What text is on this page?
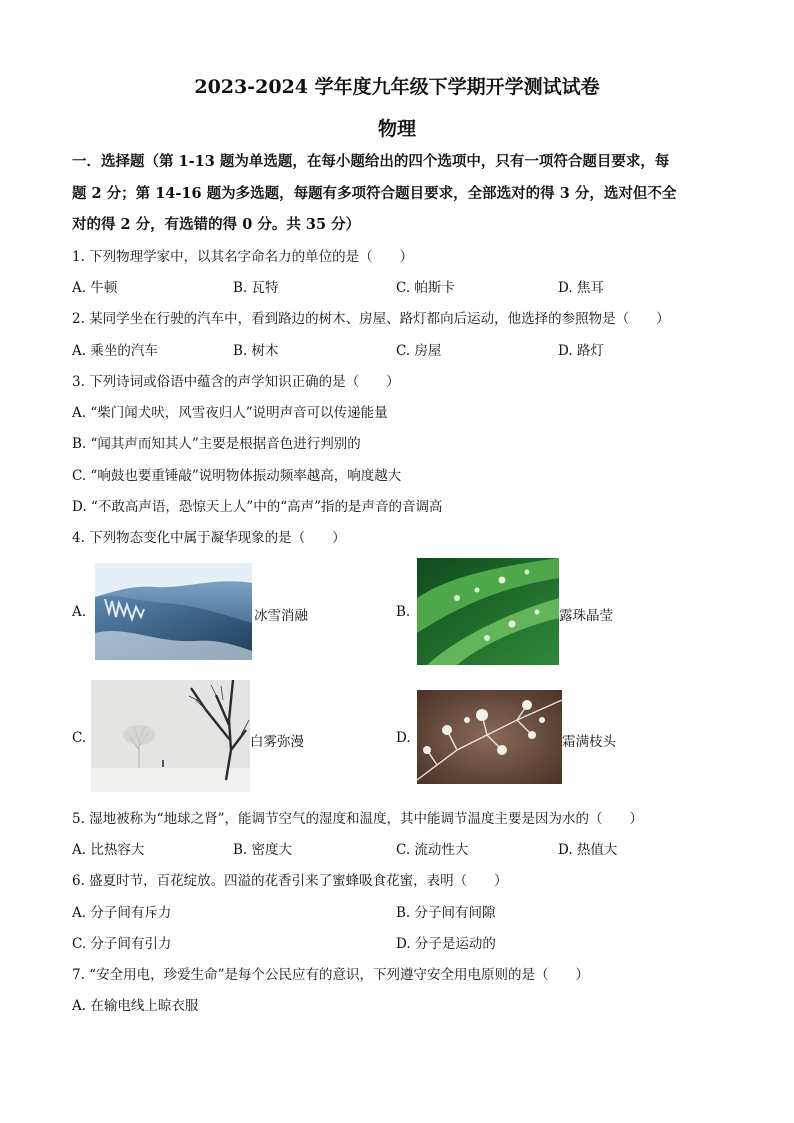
2023-2024 学年度九年级下学期开学测试试卷
物理
一．选择题（第 1-13 题为单选题，在每小题给出的四个选项中，只有一项符合题目要求，每
题 2 分；第 14-16 题为多选题，每题有多项符合题目要求，全部选对的得 3 分，选对但不全
对的得 2 分，有选错的得 0 分。共 35 分）
1. 下列物理学家中，以其名字命名力的单位的是（　　）
A. 牛顿	B. 瓦特	C. 帕斯卡	D. 焦耳
2. 某同学坐在行驶的汽车中，看到路边的树木、房屋、路灯都向后运动，他选择的参照物是（　　）
A. 乘坐的汽车	B. 树木	C. 房屋	D. 路灯
3. 下列诗词或俗语中蕴含的声学知识正确的是（　　）
A. “柴门闻犬吠，风雪夜归人”说明声音可以传递能量
B. “闻其声而知其人”主要是根据音色进行判别的
C. “响鼓也要重锤敲”说明物体振动频率越高，响度越大
D. “不敢高声语，恐惊天上人”中的“高声”指的是声音的音调高
4. 下列物态变化中属于凝华现象的是（　　）
A.	冰雪消融	B.	露珠晶莹
C.	白雾弥漫	D.	霜满枝头
5. 湿地被称为“地球之肾”，能调节空气的湿度和温度，其中能调节温度主要是因为水的（　　）
A. 比热容大	B. 密度大	C. 流动性大	D. 热值大
6. 盛夏时节，百花绽放。四溢的花香引来了蜜蜂吸食花蜜，表明（　　）
A. 分子间有斥力	B. 分子间有间隙
C. 分子间有引力	D. 分子是运动的
7. “安全用电，珍爱生命”是每个公民应有的意识，下列遵守安全用电原则的是（　　）
A. 在输电线上晾衣服
